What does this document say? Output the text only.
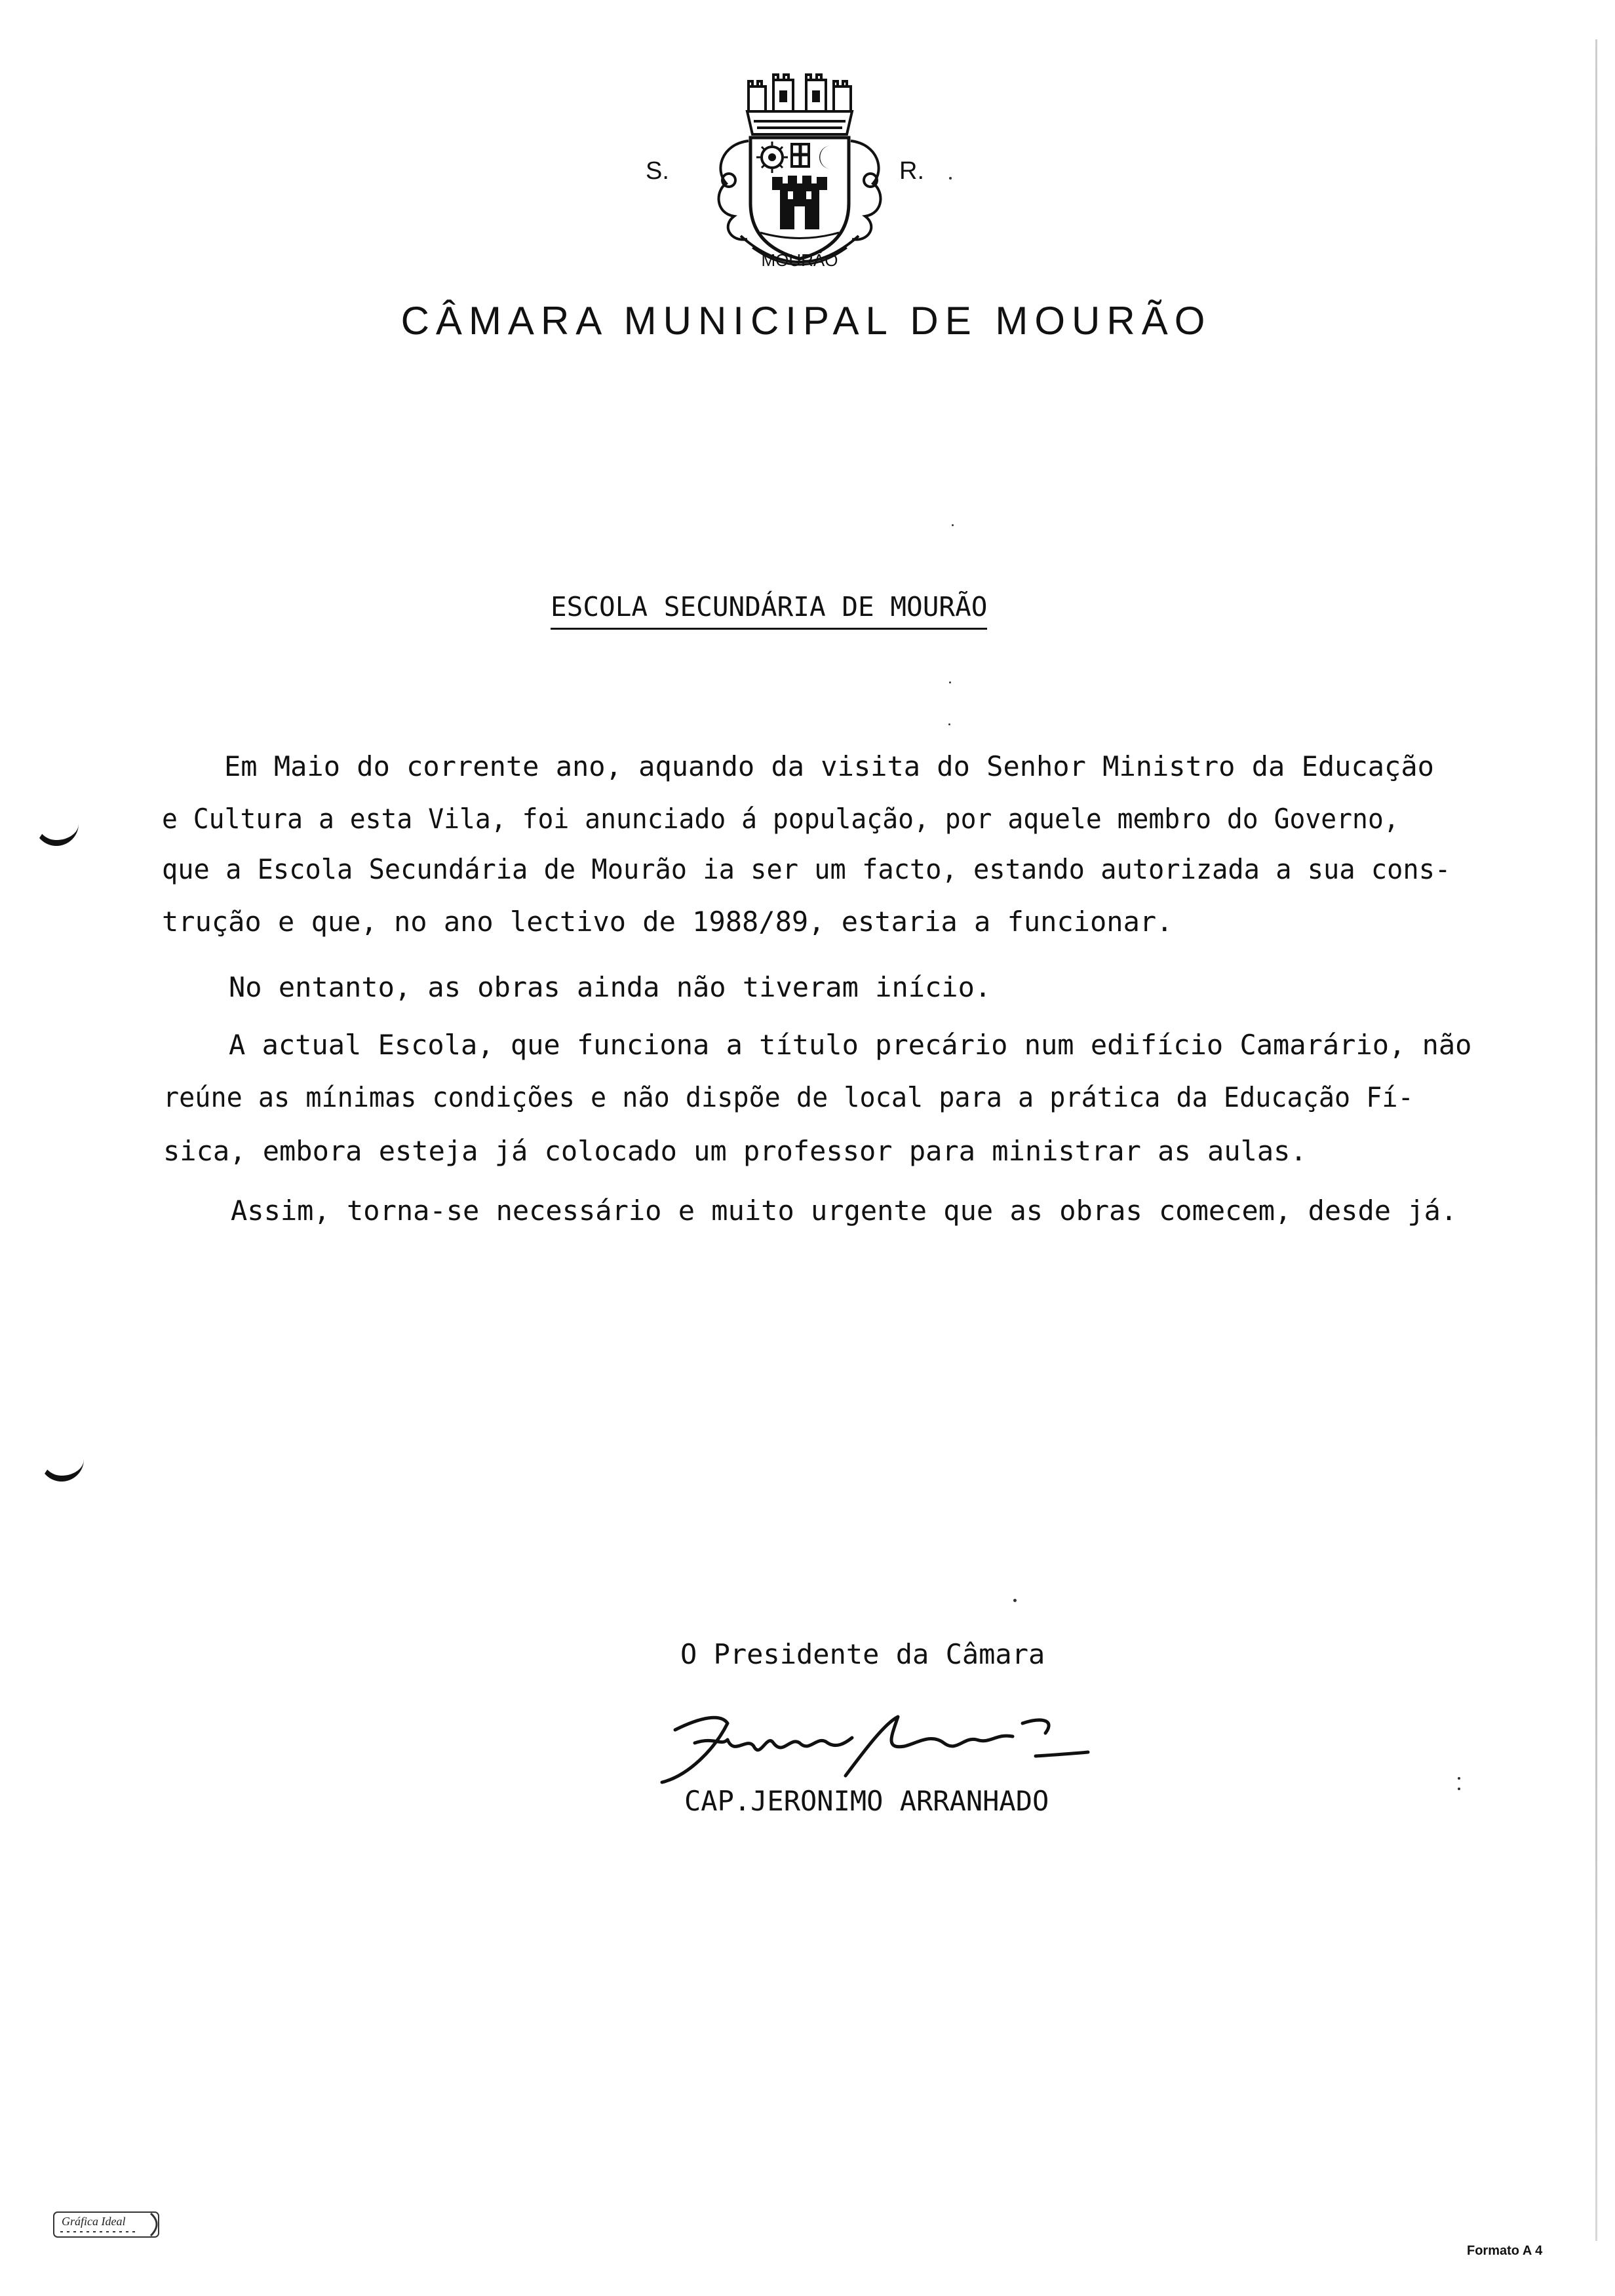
MOURÃO
S.	R.
CÂMARA MUNICIPAL DE MOURÃO
ESCOLA SECUNDÁRIA DE MOURÃO
Em Maio do corrente ano, aquando da visita do Senhor Ministro da Educação
e Cultura a esta Vila, foi anunciado á população, por aquele membro do Governo,
que a Escola Secundária de Mourão ia ser um facto, estando autorizada a sua cons-
trução e que, no ano lectivo de 1988/89, estaria a funcionar.
No entanto, as obras ainda não tiveram início.
A actual Escola, que funciona a título precário num edifício Camarário, não
reúne as mínimas condições e não dispõe de local para a prática da Educação Fí-
sica, embora esteja já colocado um professor para ministrar as aulas.
Assim, torna-se necessário e muito urgente que as obras comecem, desde já.
O Presidente da Câmara
CAP.JERONIMO ARRANHADO
Gráfica Ideal
Formato A 4
